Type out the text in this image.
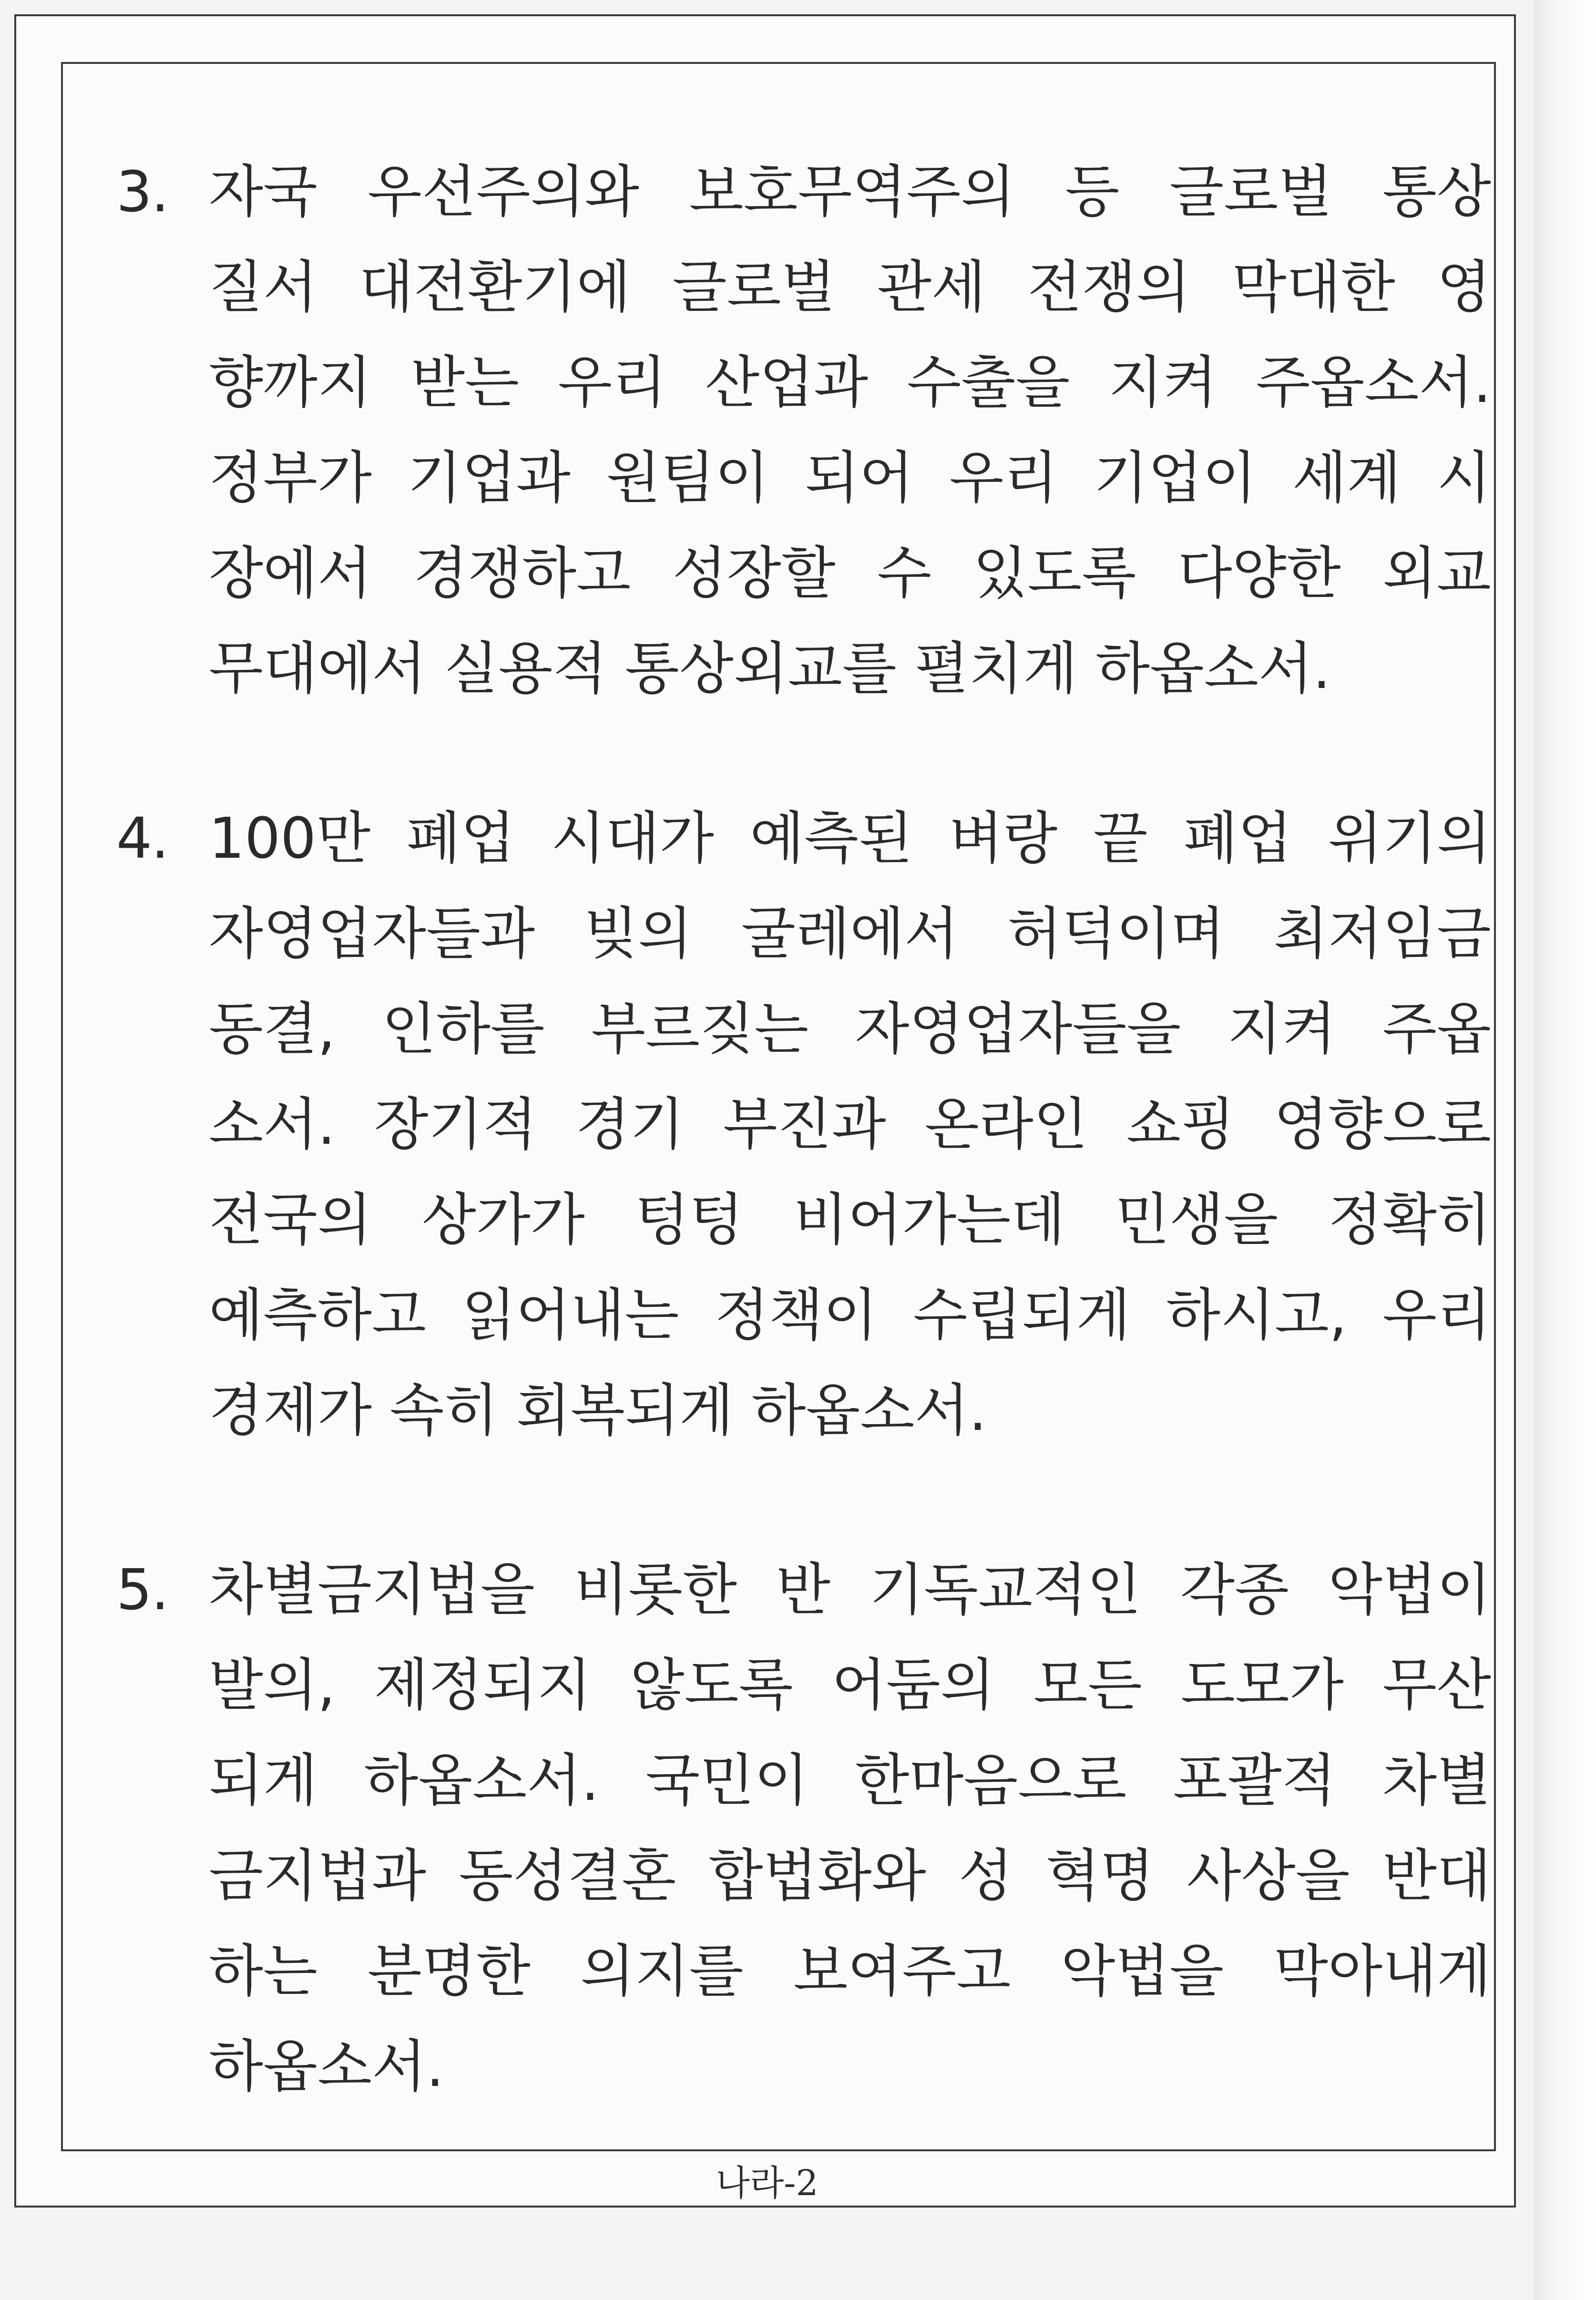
3. 자국 우선주의와 보호무역주의 등 글로벌 통상
질서 대전환기에 글로벌 관세 전쟁의 막대한 영
향까지 받는 우리 산업과 수출을 지켜 주옵소서.
정부가 기업과 원팀이 되어 우리 기업이 세계 시
장에서 경쟁하고 성장할 수 있도록 다양한 외교
무대에서 실용적 통상외교를 펼치게 하옵소서.
4. 100만 폐업 시대가 예측된 벼랑 끝 폐업 위기의
자영업자들과 빚의 굴레에서 허덕이며 최저임금
동결, 인하를 부르짖는 자영업자들을 지켜 주옵
소서. 장기적 경기 부진과 온라인 쇼핑 영향으로
전국의 상가가 텅텅 비어가는데 민생을 정확히
예측하고 읽어내는 정책이 수립되게 하시고, 우리
경제가 속히 회복되게 하옵소서.
5. 차별금지법을 비롯한 반 기독교적인 각종 악법이
발의, 제정되지 않도록 어둠의 모든 도모가 무산
되게 하옵소서. 국민이 한마음으로 포괄적 차별
금지법과 동성결혼 합법화와 성 혁명 사상을 반대
하는 분명한 의지를 보여주고 악법을 막아내게
하옵소서.
나라-2
